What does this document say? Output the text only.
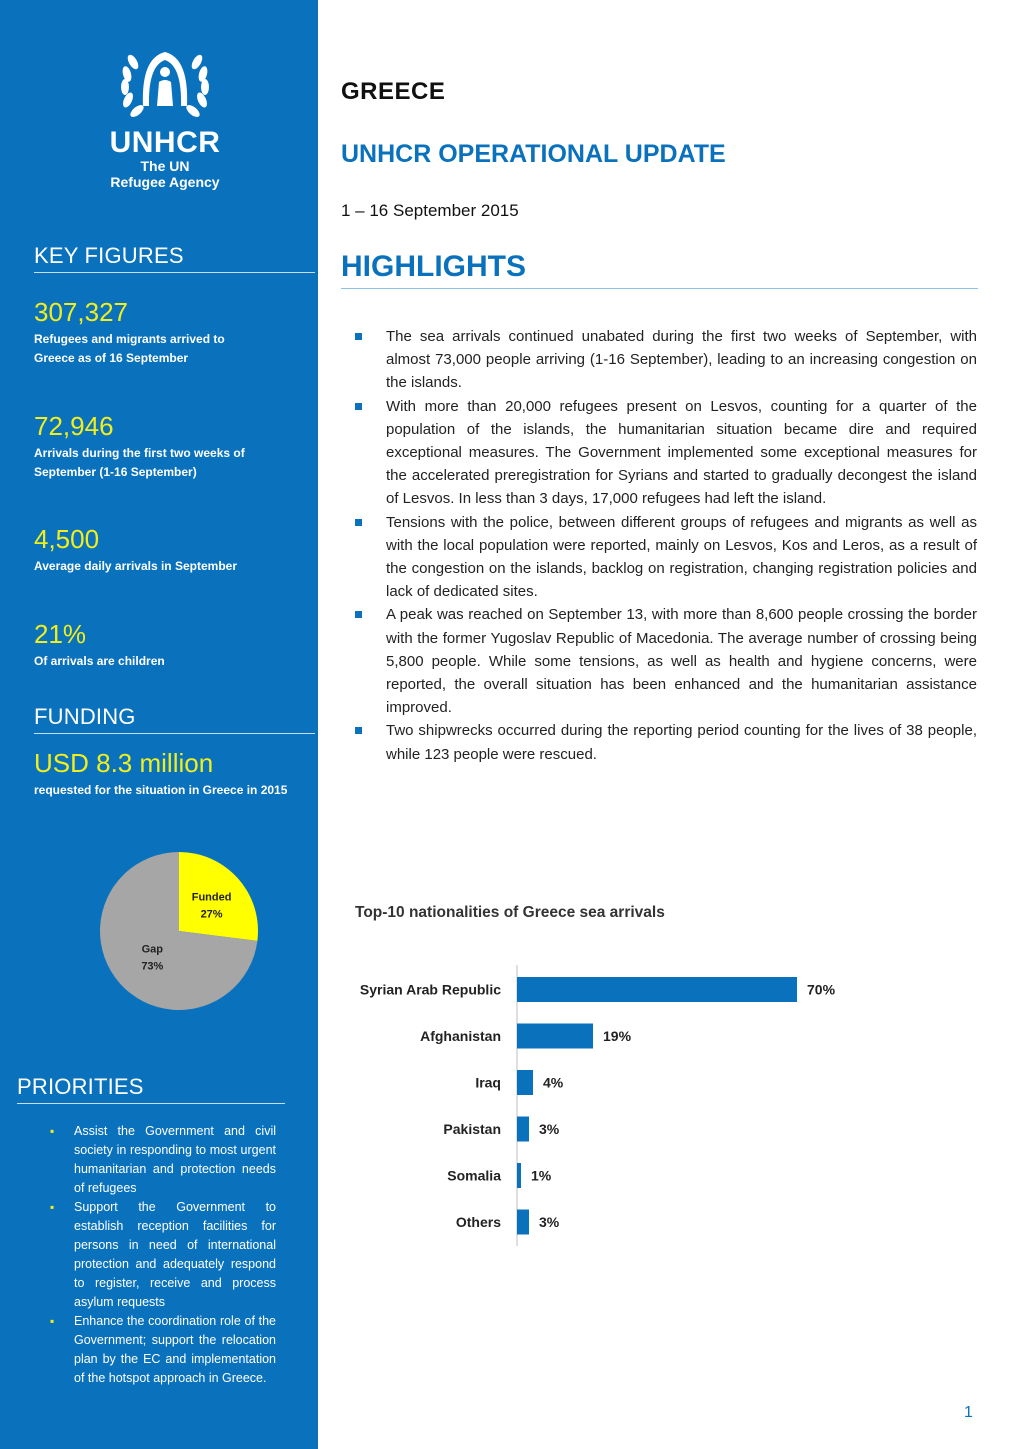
UNHCR
The UN
Refugee Agency
KEY FIGURES
307,327
Refugees and migrants arrived to Greece as of 16 September
72,946
Arrivals during the first two weeks of September (1-16 September)
4,500
Average daily arrivals in September
21%
Of arrivals are children
FUNDING
USD 8.3 million
requested for the situation in Greece in 2015
Funded
27%
Gap
73%
PRIORITIES
▪ Assist the Government and civil society in responding to most urgent humanitarian and protection needs of refugees
▪ Support the Government to establish reception facilities for persons in need of international protection and adequately respond to register, receive and process asylum requests
▪ Enhance the coordination role of the Government; support the relocation plan by the EC and implementation of the hotspot approach in Greece.
GREECE
UNHCR OPERATIONAL UPDATE
1 – 16 September 2015
HIGHLIGHTS
The sea arrivals continued unabated during the first two weeks of September, with almost 73,000 people arriving (1-16 September), leading to an increasing congestion on the islands.
With more than 20,000 refugees present on Lesvos, counting for a quarter of the population of the islands, the humanitarian situation became dire and required exceptional measures. The Government implemented some exceptional measures for the accelerated preregistration for Syrians and started to gradually decongest the island of Lesvos. In less than 3 days, 17,000 refugees had left the island.
Tensions with the police, between different groups of refugees and migrants as well as with the local population were reported, mainly on Lesvos, Kos and Leros, as a result of the congestion on the islands, backlog on registration, changing registration policies and lack of dedicated sites.
A peak was reached on September 13, with more than 8,600 people crossing the border with the former Yugoslav Republic of Macedonia. The average number of crossing being 5,800 people. While some tensions, as well as health and hygiene concerns, were reported, the overall situation has been enhanced and the humanitarian assistance improved.
Two shipwrecks occurred during the reporting period counting for the lives of 38 people, while 123 people were rescued.
Top-10 nationalities of Greece sea arrivals
Syrian Arab Republic	70%
Afghanistan	19%
Iraq	4%
Pakistan	3%
Somalia 1%
Others	3%
1
